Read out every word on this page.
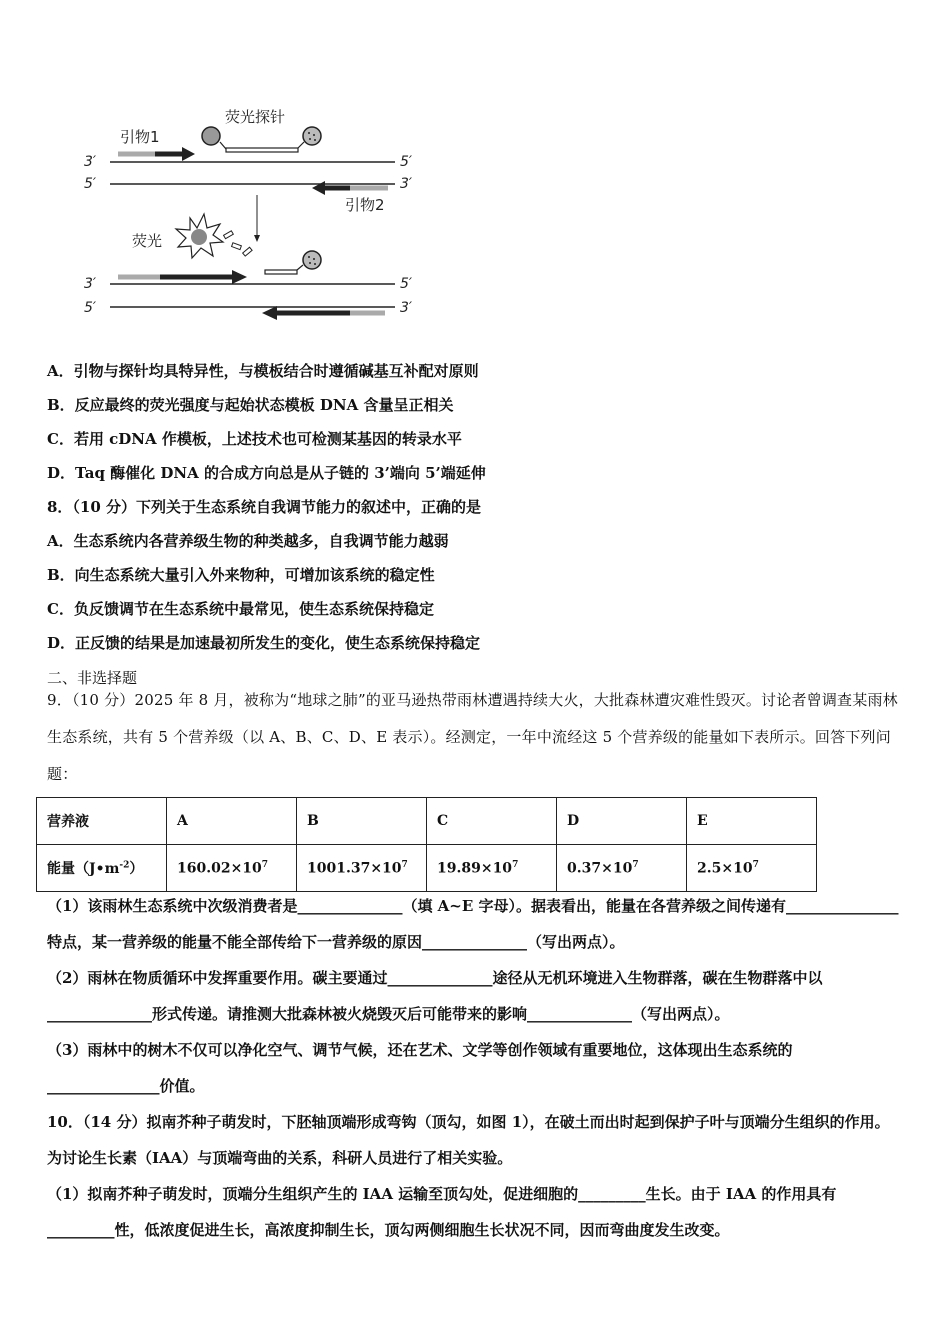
荧光探针
引物1
3′	5′
5′	3′
引物2
荧光
3′	5′
5′	3′
A．引物与探针均具特异性，与模板结合时遵循碱基互补配对原则
B．反应最终的荧光强度与起始状态模板 DNA 含量呈正相关
C．若用 cDNA 作模板，上述技术也可检测某基因的转录水平
D．Taq 酶催化 DNA 的合成方向总是从子链的 3’端向 5’端延伸
8．（10 分）下列关于生态系统自我调节能力的叙述中，正确的是
A．生态系统内各营养级生物的种类越多，自我调节能力越弱
B．向生态系统大量引入外来物种，可增加该系统的稳定性
C．负反馈调节在生态系统中最常见，使生态系统保持稳定
D．正反馈的结果是加速最初所发生的变化，使生态系统保持稳定
二、非选择题
9．（10 分）2025 年 8 月，被称为“地球之肺”的亚马逊热带雨林遭遇持续大火，大批森林遭灾难性毁灭。讨论者曾调查某雨林生态系统，共有 5 个营养级（以 A、B、C、D、E 表示）。经测定，一年中流经这 5 个营养级的能量如下表所示。回答下列问题：
营养液	A	B	C	D	E
能量$(J•m^{-2})$	$160.02\times 10^7$	$1001.37\times 10^7$	$19.89\times 10^7$	$0.37\times 10^7$	$2.5\times 10^7$
（1）该雨林生态系统中次级消费者是______________（填 A~E 字母）。据表看出，能量在各营养级之间传递有_______________特点，某一营养级的能量不能全部传给下一营养级的原因______________（写出两点）。
（2）雨林在物质循环中发挥重要作用。碳主要通过______________途径从无机环境进入生物群落，碳在生物群落中以______________形式传递。请推测大批森林被火烧毁灭后可能带来的影响______________（写出两点）。
（3）雨林中的树木不仅可以净化空气、调节气候，还在艺术、文学等创作领域有重要地位，这体现出生态系统的_______________价值。
10．（14 分）拟南芥种子萌发时，下胚轴顶端形成弯钩（顶勾，如图 1），在破土而出时起到保护子叶与顶端分生组织的作用。为讨论生长素（IAA）与顶端弯曲的关系，科研人员进行了相关实验。
（1）拟南芥种子萌发时，顶端分生组织产生的 IAA 运输至顶勾处，促进细胞的_________生长。由于 IAA 的作用具有_________性，低浓度促进生长，高浓度抑制生长，顶勾两侧细胞生长状况不同，因而弯曲度发生改变。
